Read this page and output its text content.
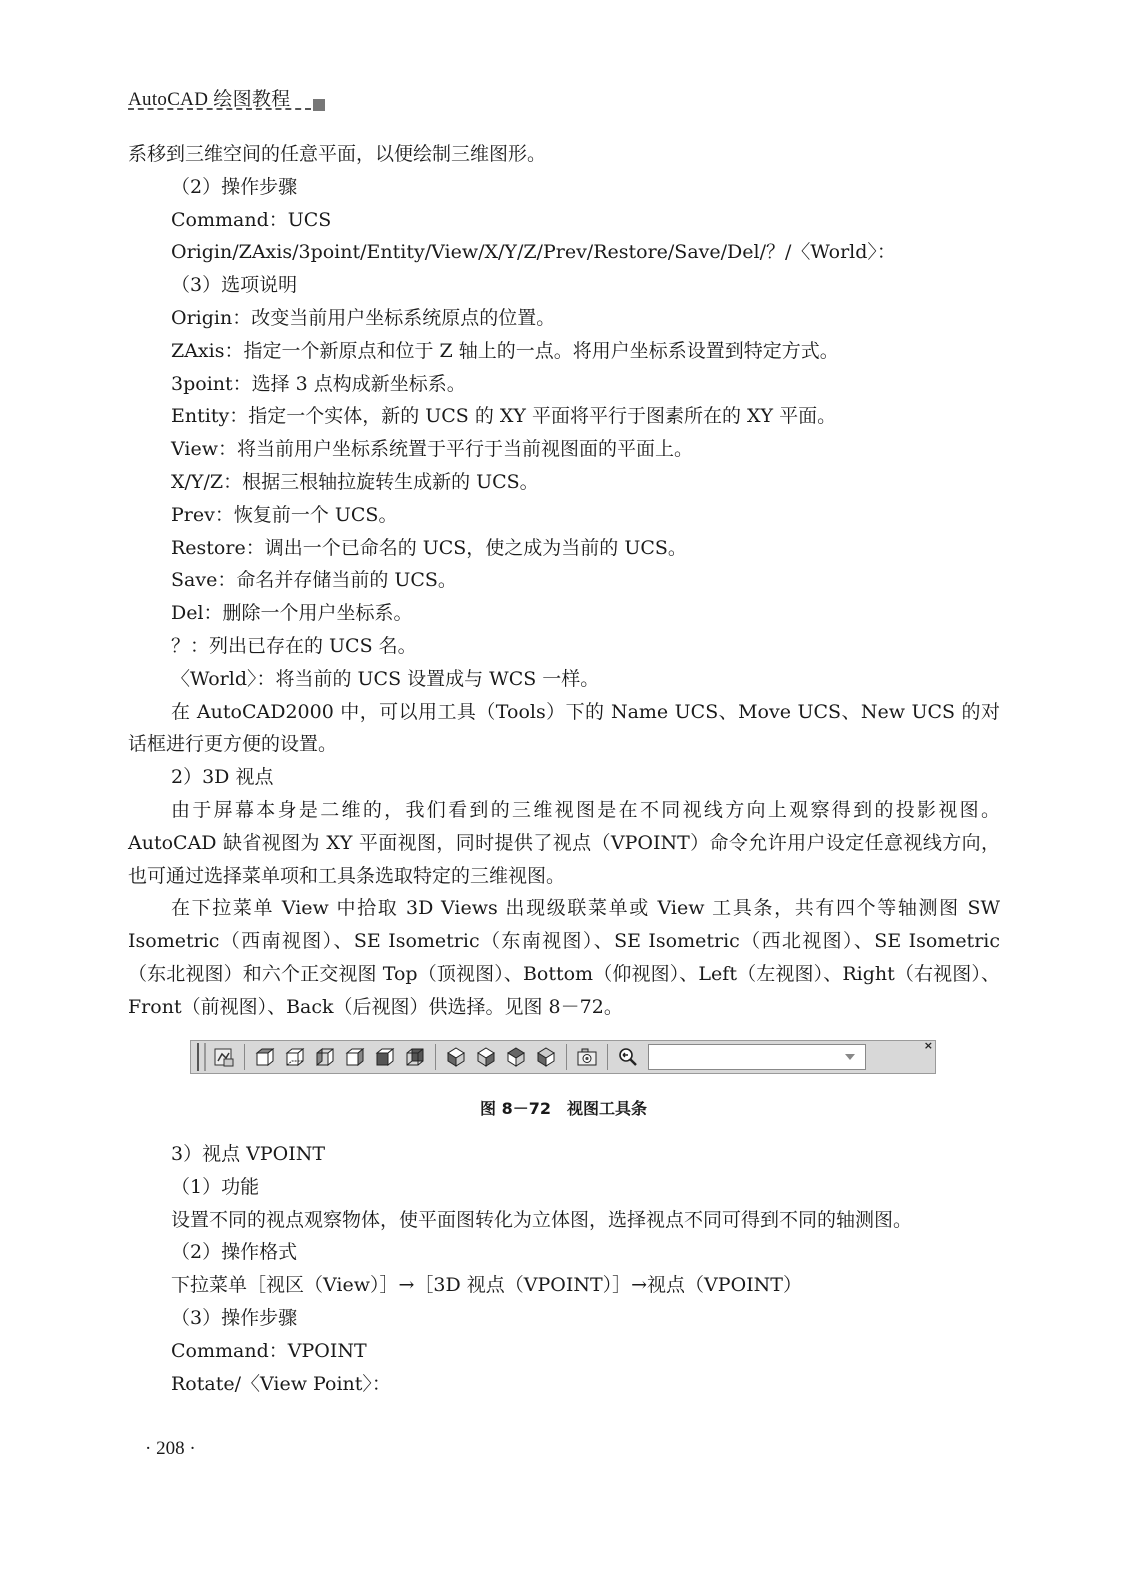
AutoCAD 绘图教程
系移到三维空间的任意平面，以便绘制三维图形。
（2）操作步骤
Command：UCS
Origin/ZAxis/3point/Entity/View/X/Y/Z/Prev/Restore/Save/Del/？/〈World〉：
（3）选项说明
Origin：改变当前用户坐标系统原点的位置。
ZAxis：指定一个新原点和位于 Z 轴上的一点。将用户坐标系设置到特定方式。
3point：选择 3 点构成新坐标系。
Entity：指定一个实体，新的 UCS 的 XY 平面将平行于图素所在的 XY 平面。
View：将当前用户坐标系统置于平行于当前视图面的平面上。
X/Y/Z：根据三根轴拉旋转生成新的 UCS。
Prev：恢复前一个 UCS。
Restore：调出一个已命名的 UCS，使之成为当前的 UCS。
Save：命名并存储当前的 UCS。
Del：删除一个用户坐标系。
？：列出已存在的 UCS 名。
〈World〉：将当前的 UCS 设置成与 WCS 一样。
在 AutoCAD2000 中，可以用工具（Tools）下的 Name UCS、Move UCS、New UCS 的对话框进行更方便的设置。
2）3D 视点
由于屏幕本身是二维的，我们看到的三维视图是在不同视线方向上观察得到的投影视图。AutoCAD 缺省视图为 XY 平面视图，同时提供了视点（VPOINT）命令允许用户设定任意视线方向，也可通过选择菜单项和工具条选取特定的三维视图。
在下拉菜单 View 中拾取 3D Views 出现级联菜单或 View 工具条，共有四个等轴测图 SW Isometric（西南视图）、SE Isometric（东南视图）、SE Isometric（西北视图）、SE Isometric（东北视图）和六个正交视图 Top（顶视图）、Bottom（仰视图）、Left（左视图）、Right（右视图）、Front（前视图）、Back（后视图）供选择。见图 8－72。
×
图 8－72　视图工具条
3）视点 VPOINT
（1）功能
设置不同的视点观察物体，使平面图转化为立体图，选择视点不同可得到不同的轴测图。
（2）操作格式
下拉菜单［视区（View）］→［3D 视点（VPOINT）］→视点（VPOINT）
（3）操作步骤
Command：VPOINT
Rotate/〈View Point〉：
· 208 ·
